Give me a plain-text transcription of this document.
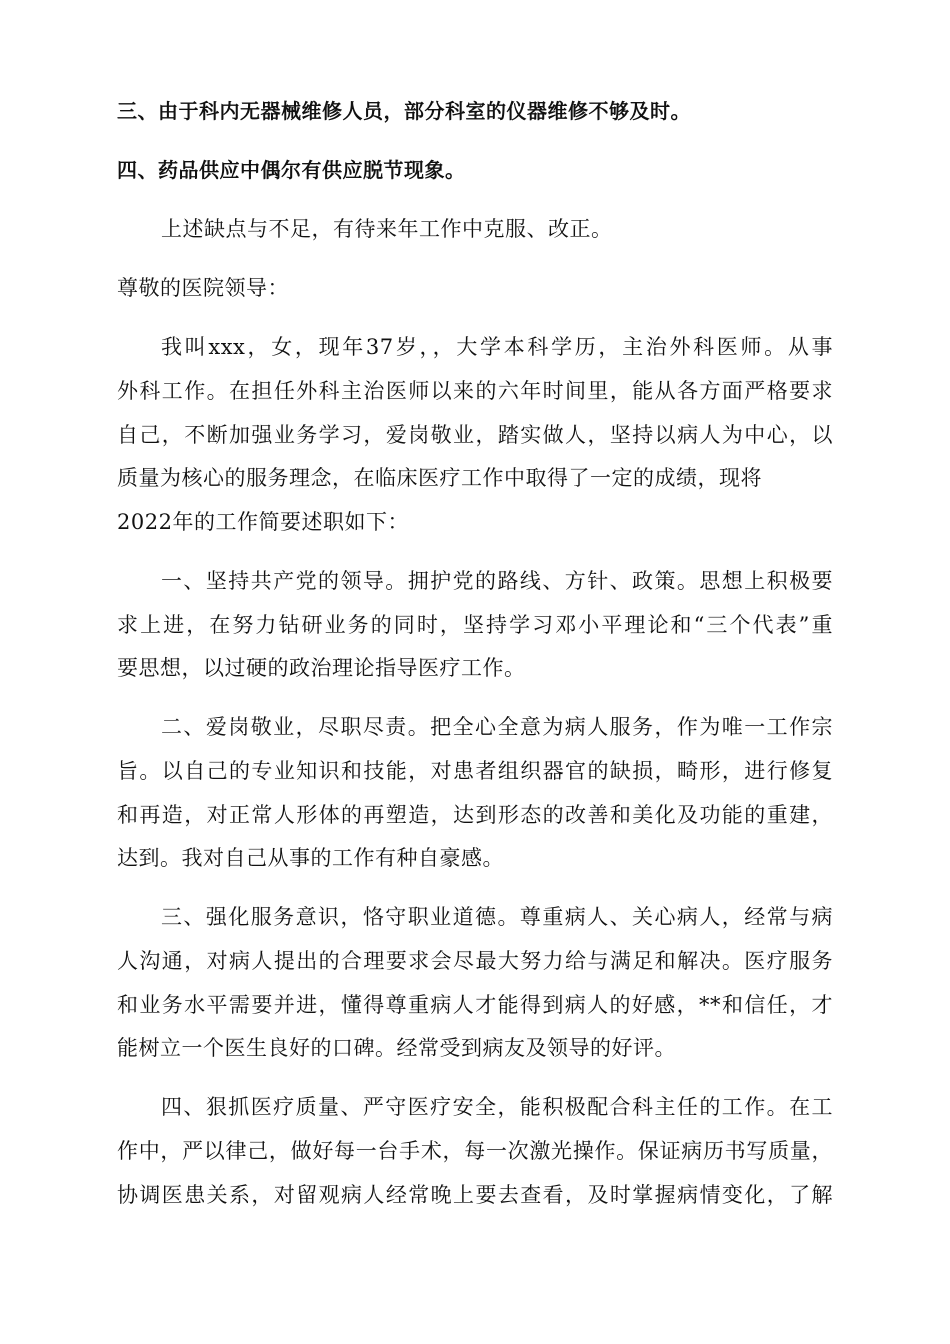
三、由于科内无器械维修人员，部分科室的仪器维修不够及时。
四、药品供应中偶尔有供应脱节现象。
上述缺点与不足，有待来年工作中克服、改正。
尊敬的医院领导：
我叫xxx，女，现年37岁，，大学本科学历，主治外科医师。从事
外科工作。在担任外科主治医师以来的六年时间里，能从各方面严格要求
自己，不断加强业务学习，爱岗敬业，踏实做人，坚持以病人为中心，以
质量为核心的服务理念，在临床医疗工作中取得了一定的成绩，现将
2022年的工作简要述职如下：
一、坚持共产党的领导。拥护党的路线、方针、政策。思想上积极要
求上进，在努力钻研业务的同时，坚持学习邓小平理论和“三个代表”重
要思想，以过硬的政治理论指导医疗工作。
二、爱岗敬业，尽职尽责。把全心全意为病人服务，作为唯一工作宗
旨。以自己的专业知识和技能，对患者组织器官的缺损，畸形，进行修复
和再造，对正常人形体的再塑造，达到形态的改善和美化及功能的重建，
达到。我对自己从事的工作有种自豪感。
三、强化服务意识，恪守职业道德。尊重病人、关心病人，经常与病
人沟通，对病人提出的合理要求会尽最大努力给与满足和解决。医疗服务
和业务水平需要并进，懂得尊重病人才能得到病人的好感，**和信任，才
能树立一个医生良好的口碑。经常受到病友及领导的好评。
四、狠抓医疗质量、严守医疗安全，能积极配合科主任的工作。在工
作中，严以律己，做好每一台手术，每一次激光操作。保证病历书写质量，
协调医患关系，对留观病人经常晚上要去查看，及时掌握病情变化，了解
